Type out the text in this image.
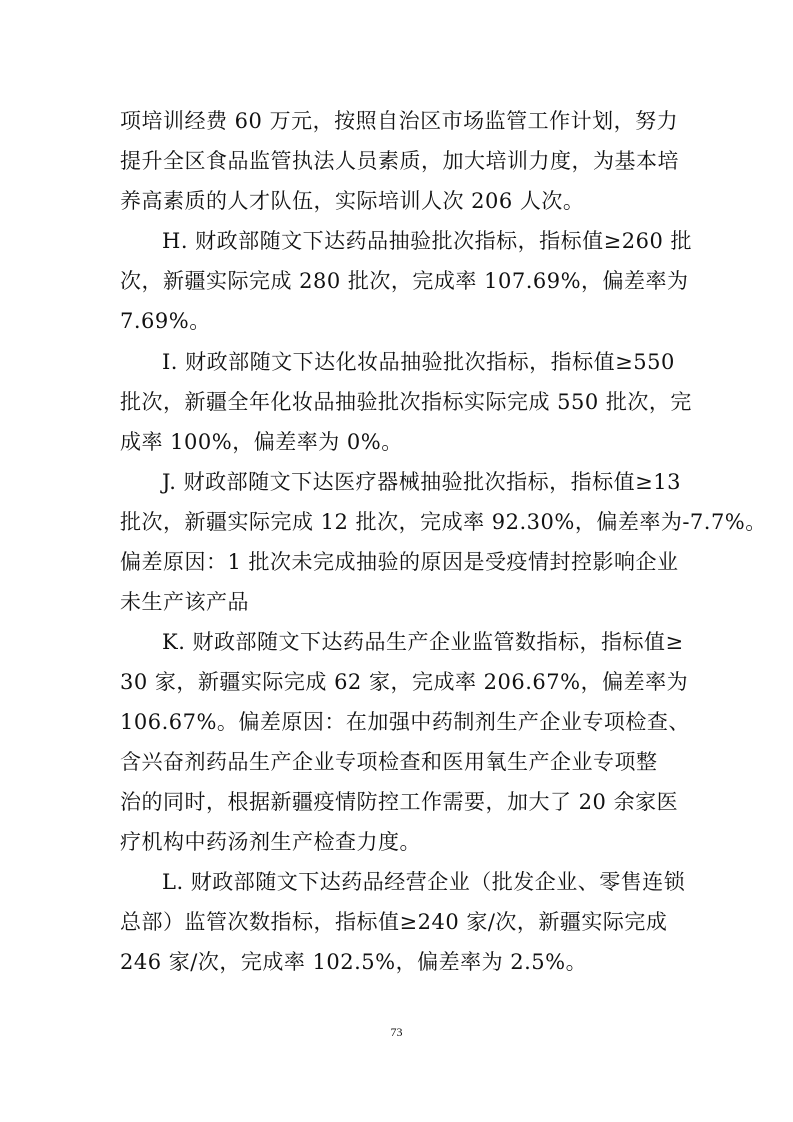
项培训经费 60 万元，按照自治区市场监管工作计划，努力
提升全区食品监管执法人员素质，加大培训力度，为基本培
养高素质的人才队伍，实际培训人次 206 人次。
H. 财政部随文下达药品抽验批次指标，指标值≥260 批
次，新疆实际完成 280 批次，完成率 107.69%，偏差率为
7.69%。
I. 财政部随文下达化妆品抽验批次指标，指标值≥550
批次，新疆全年化妆品抽验批次指标实际完成 550 批次，完
成率 100%，偏差率为 0%。
J. 财政部随文下达医疗器械抽验批次指标，指标值≥13
批次，新疆实际完成 12 批次，完成率 92.30%，偏差率为-7.7%。
偏差原因：1 批次未完成抽验的原因是受疫情封控影响企业
未生产该产品
K. 财政部随文下达药品生产企业监管数指标，指标值≥
30 家，新疆实际完成 62 家，完成率 206.67%，偏差率为
106.67%。偏差原因：在加强中药制剂生产企业专项检查、
含兴奋剂药品生产企业专项检查和医用氧生产企业专项整
治的同时，根据新疆疫情防控工作需要，加大了 20 余家医
疗机构中药汤剂生产检查力度。
L. 财政部随文下达药品经营企业（批发企业、零售连锁
总部）监管次数指标，指标值≥240 家/次，新疆实际完成
246 家/次，完成率 102.5%，偏差率为 2.5%。
73
